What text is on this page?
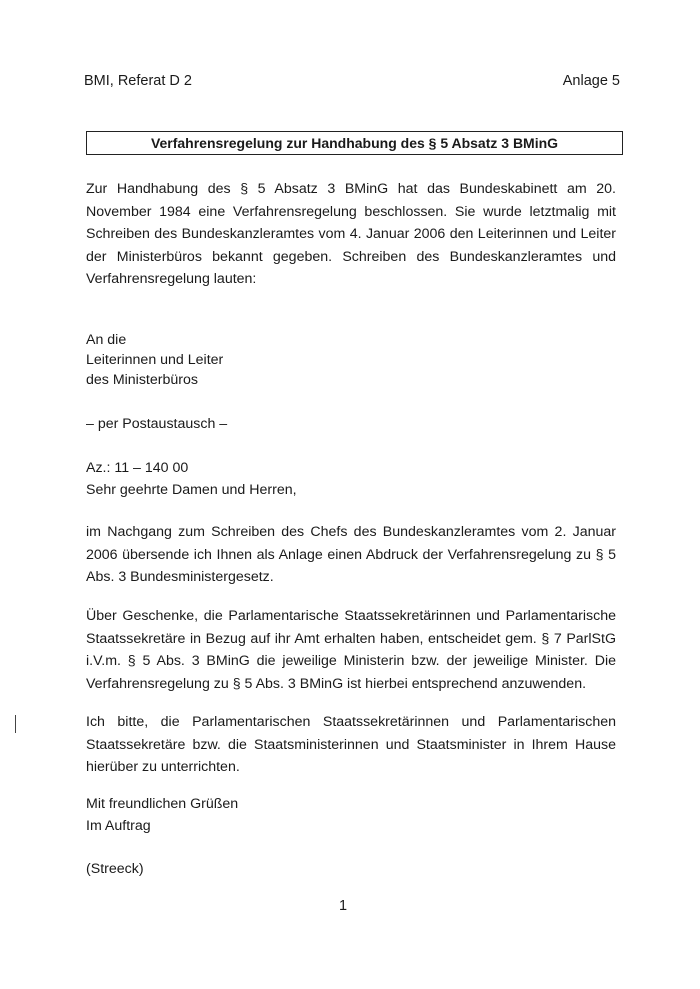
BMI, Referat D 2	Anlage 5
Verfahrensregelung zur Handhabung des § 5 Absatz 3 BMinG

Zur Handhabung des § 5 Absatz 3 BMinG hat das Bundeskabinett am 20. November 1984 eine Verfahrensregelung beschlossen. Sie wurde letztmalig mit Schreiben des Bundeskanzleramtes vom 4. Januar 2006 den Leiterinnen und Leiter der Ministerbüros bekannt gegeben. Schreiben des Bundeskanzleramtes und Verfahrensregelung lauten:

An die

Leiterinnen und Leiter

des Ministerbüros

– per Postaustausch –

Az.: 11 – 140 00

Sehr geehrte Damen und Herren,

im Nachgang zum Schreiben des Chefs des Bundeskanzleramtes vom 2. Januar 2006 übersende ich Ihnen als Anlage einen Abdruck der Verfahrensregelung zu § 5 Abs. 3 Bundesministergesetz.

Über Geschenke, die Parlamentarische Staatssekretärinnen und Parlamentarische Staatssekretäre in Bezug auf ihr Amt erhalten haben, entscheidet gem. § 7 ParlStG i.V.m. § 5 Abs. 3 BMinG die jeweilige Ministerin bzw. der jeweilige Minister. Die Verfahrensregelung zu § 5 Abs. 3 BMinG ist hierbei entsprechend anzuwenden.

Ich bitte, die Parlamentarischen Staatssekretärinnen und Parlamentarischen Staatssekretäre bzw. die Staatsministerinnen und Staatsminister in Ihrem Hause hierüber zu unterrichten.

Mit freundlichen Grüßen

Im Auftrag

(Streeck)

1
